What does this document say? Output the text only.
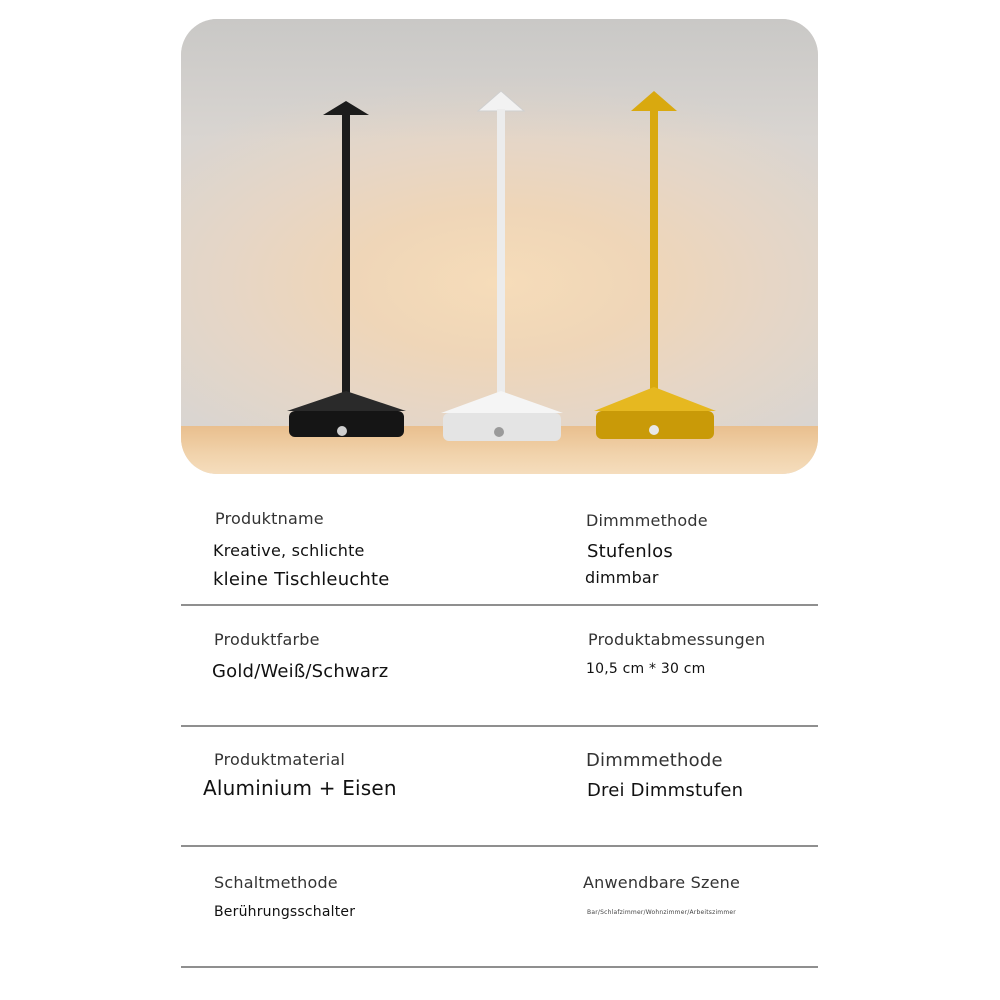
Produktname
Kreative, schlichte
kleine Tischleuchte
Dimmmethode
Stufenlos
dimmbar
Produktfarbe
Gold/Weiß/Schwarz
Produktabmessungen
10,5 cm * 30 cm
Produktmaterial
Aluminium + Eisen
Dimmmethode
Drei Dimmstufen
Schaltmethode
Berührungsschalter
Anwendbare Szene
Bar/Schlafzimmer/Wohnzimmer/Arbeitszimmer
